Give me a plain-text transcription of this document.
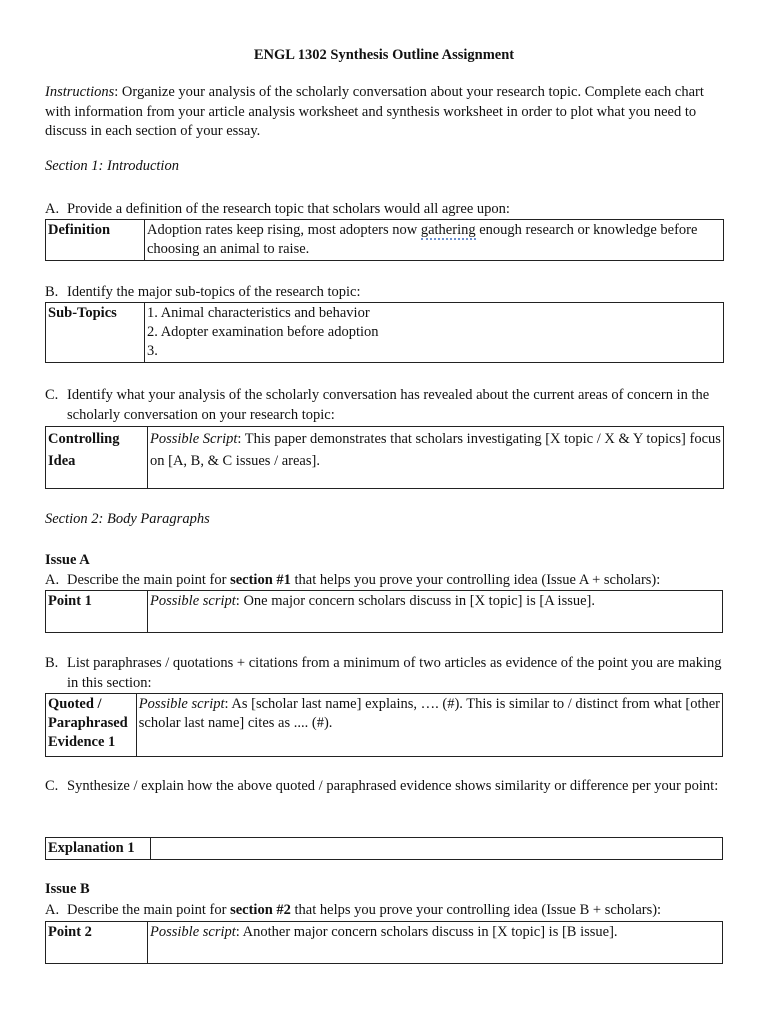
ENGL 1302 Synthesis Outline Assignment
Instructions: Organize your analysis of the scholarly conversation about your research topic. Complete each chart with information from your article analysis worksheet and synthesis worksheet in order to plot what you need to discuss in each section of your essay.
Section 1: Introduction
A. Provide a definition of the research topic that scholars would all agree upon:
Definition	Adoption rates keep rising, most adopters now gathering enough research or knowledge before choosing an animal to raise.
B. Identify the major sub-topics of the research topic:
Sub-Topics	1. Animal characteristics and behavior
2. Adopter examination before adoption
3.
C. Identify what your analysis of the scholarly conversation has revealed about the current areas of concern in the scholarly conversation on your research topic:
Controlling
Idea
	Possible Script: This paper demonstrates that scholars investigating [X topic / X & Y topics] focus on [A, B, & C issues / areas].
Section 2: Body Paragraphs
Issue A
A. Describe the main point for section #1 that helps you prove your controlling idea (Issue A + scholars):
Point 1	Possible script: One major concern scholars discuss in [X topic] is [A issue].
B. List paraphrases / quotations + citations from a minimum of two articles as evidence of the point you are making in this section:
Quoted /
Paraphrased
Evidence 1

Possible script: As [scholar last name] explains, …. (#). This is similar to / distinct from what [other
scholar last name] cites as .... (#).
C. Synthesize / explain how the above quoted / paraphrased evidence shows similarity or difference per your point:
Explanation 1	
Issue B
A. Describe the main point for section #2 that helps you prove your controlling idea (Issue B + scholars):
Point 2	Possible script: Another major concern scholars discuss in [X topic] is [B issue].
